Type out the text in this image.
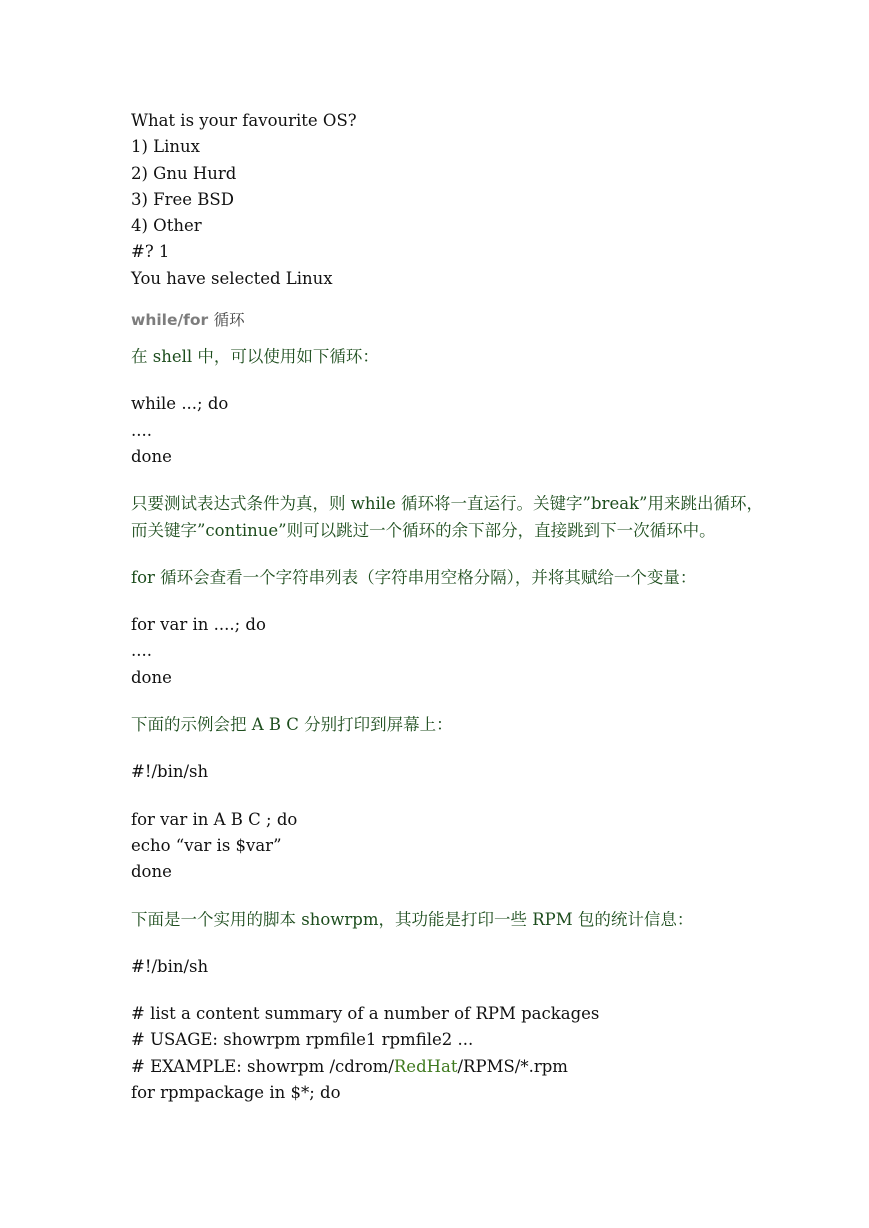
What is your favourite OS?

1) Linux

2) Gnu Hurd

3) Free BSD

4) Other

#? 1

You have selected Linux

while/for 循环

在 shell 中，可以使用如下循环：

while ...; do

....

done

只要测试表达式条件为真，则 while 循环将一直运行。关键字”break”用来跳出循环，

而关键字”continue”则可以跳过一个循环的余下部分，直接跳到下一次循环中。

for 循环会查看一个字符串列表（字符串用空格分隔），并将其赋给一个变量：

for var in ....; do

....

done

下面的示例会把 A B C 分别打印到屏幕上：

#!/bin/sh

for var in A B C ; do

echo “var is $var”

done

下面是一个实用的脚本 showrpm，其功能是打印一些 RPM 包的统计信息：

#!/bin/sh

# list a content summary of a number of RPM packages

# USAGE: showrpm rpmfile1 rpmfile2 ...

# EXAMPLE: showrpm /cdrom/RedHat/RPMS/*.rpm

for rpmpackage in $*; do
